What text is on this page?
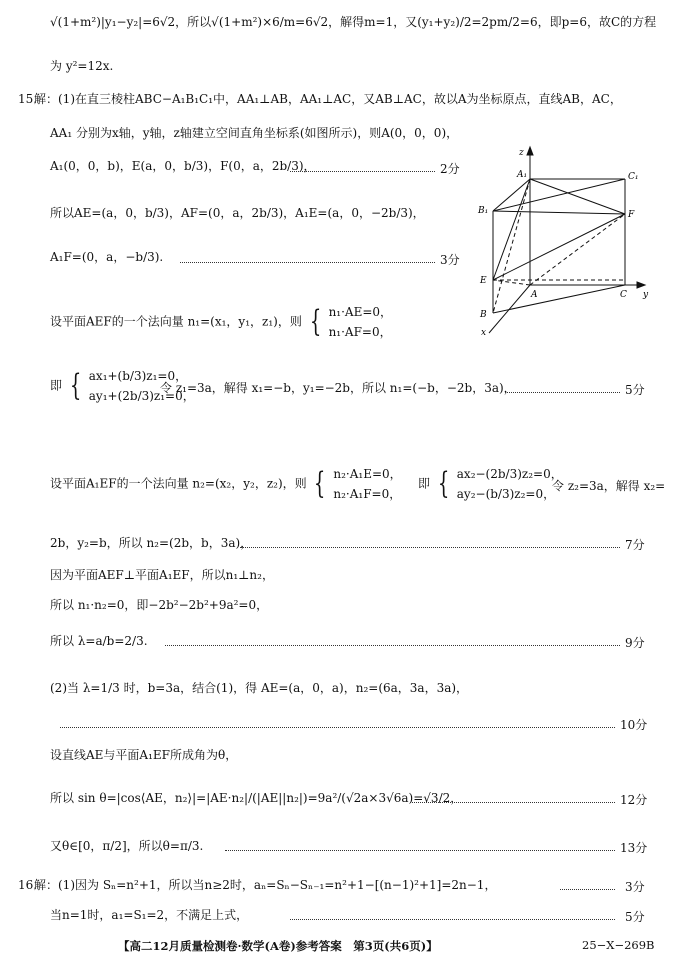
√(1+m²)|y₁−y₂|=6√2，所以√(1+m²)×6/m=6√2，解得m=1，又(y₁+y₂)/2=2pm/2=6，即p=6，故C的方程
为 y²=12x.
15.
解：(1)在直三棱柱ABC−A₁B₁C₁中，AA₁⊥AB，AA₁⊥AC，又AB⊥AC，故以A为坐标原点，直线AB，AC，
AA₁ 分别为x轴，y轴，z轴建立空间直角坐标系(如图所示)，则A(0，0，0)，
A₁(0，0，b)，E(a，0，b/3)，F(0，a，2b/3)，	2分
所以AE=(a，0，b/3)，AF=(0，a，2b/3)，A₁E=(a，0，−2b/3)，
A₁F=(0，a，−b/3).	3分
设平面AEF的一个法向量 n₁=(x₁，y₁，z₁)，则 { n₁·AE=0，
n₁·AF=0，
即 { ax₁+(b/3)z₁=0，
ay₁+(2b/3)z₁=0，
令 z₁=3a，解得 x₁=−b，y₁=−2b，所以 n₁=(−b，−2b，3a)，	5分
设平面A₁EF的一个法向量 n₂=(x₂，y₂，z₂)，则 { n₂·A₁E=0，
n₂·A₁F=0，
即 { ax₂−(2b/3)z₂=0，
ay₂−(b/3)z₂=0，
令 z₂=3a，解得 x₂=
2b，y₂=b，所以 n₂=(2b，b，3a)，	7分
因为平面AEF⊥平面A₁EF，所以n₁⊥n₂，
所以 n₁·n₂=0，即−2b²−2b²+9a²=0，
所以 λ=a/b=2/3.	9分
(2)当 λ=1/3 时，b=3a，结合(1)，得 AE=(a，0，a)，n₂=(6a，3a，3a)，
10分
设直线AE与平面A₁EF所成角为θ，
所以 sin θ=|cos⟨AE，n₂⟩|=|AE·n₂|/(|AE||n₂|)=9a²/(√2a×3√6a)=√3/2，	12分
又θ∈[0，π/2]，所以θ=π/3.	13分
16.
解：(1)因为 Sₙ=n²+1，所以当n≥2时，aₙ=Sₙ−Sₙ₋₁=n²+1−[(n−1)²+1]=2n−1，	3分
当n=1时，a₁=S₁=2，不满足上式，	5分
【高二12月质量检测卷·数学(A卷)参考答案　第3页(共6页)】	25−X−269B
z
A₁	C₁
B₁	F
E
A	C y
B
x
